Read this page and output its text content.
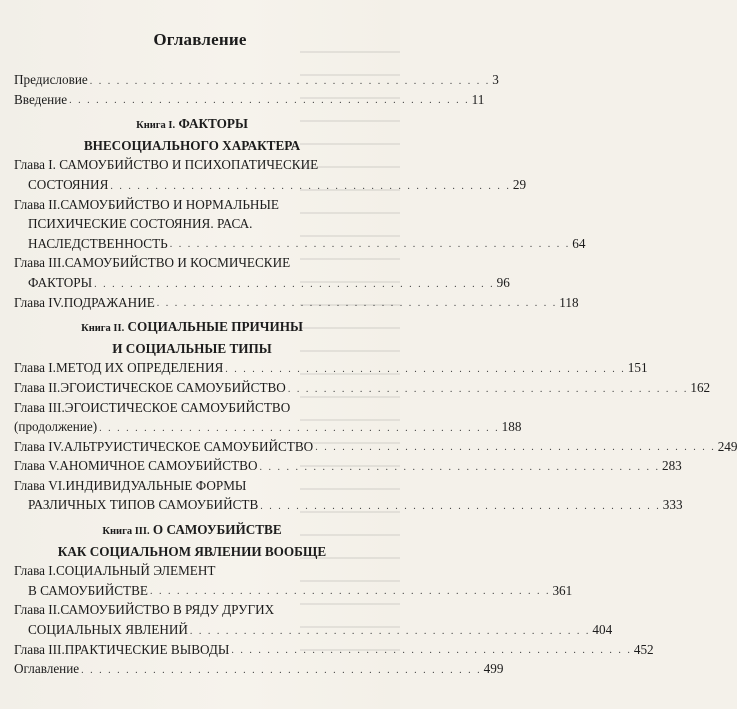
Оглавление
Предисловие . . . . . . . . . . . . . . . . . . . . . . . . . . . . . . . . . . . . . . . . . . . . . 3
Введение . . . . . . . . . . . . . . . . . . . . . . . . . . . . . . . . . . . . . . . . . . . . . 11
Книга I. ФАКТОРЫ
ВНЕСОЦИАЛЬНОГО ХАРАКТЕРА
Глава I. САМОУБИЙСТВО И ПСИХОПАТИЧЕСКИЕ
СОСТОЯНИЯ . . . . . . . . . . . . . . . . . . . . . . . . . . . . . . . . . . . . . . . . . . . . . 29
Глава II.САМОУБИЙСТВО И НОРМАЛЬНЫЕ
ПСИХИЧЕСКИЕ СОСТОЯНИЯ. РАСА.
НАСЛЕДСТВЕННОСТЬ . . . . . . . . . . . . . . . . . . . . . . . . . . . . . . . . . . . . . . . . . . . . . 64
Глава III.САМОУБИЙСТВО И КОСМИЧЕСКИЕ
ФАКТОРЫ . . . . . . . . . . . . . . . . . . . . . . . . . . . . . . . . . . . . . . . . . . . . . 96
Глава IV.ПОДРАЖАНИЕ . . . . . . . . . . . . . . . . . . . . . . . . . . . . . . . . . . . . . . . . . . . . . 118
Книга II. СОЦИАЛЬНЫЕ ПРИЧИНЫ
И СОЦИАЛЬНЫЕ ТИПЫ
Глава I.МЕТОД ИХ ОПРЕДЕЛЕНИЯ . . . . . . . . . . . . . . . . . . . . . . . . . . . . . . . . . . . . . . . . . . . . . 151
Глава II.ЭГОИСТИЧЕСКОЕ САМОУБИЙСТВО . . . . . . . . . . . . . . . . . . . . . . . . . . . . . . . . . . . . . . . . . . . . . 162
Глава III.ЭГОИСТИЧЕСКОЕ САМОУБИЙСТВО
(продолжение) . . . . . . . . . . . . . . . . . . . . . . . . . . . . . . . . . . . . . . . . . . . . . 188
Глава IV.АЛЬТРУИСТИЧЕСКОЕ САМОУБИЙСТВО . . . . . . . . . . . . . . . . . . . . . . . . . . . . . . . . . . . . . . . . . . . . . 249
Глава V.АНОМИЧНОЕ САМОУБИЙСТВО . . . . . . . . . . . . . . . . . . . . . . . . . . . . . . . . . . . . . . . . . . . . . 283
Глава VI.ИНДИВИДУАЛЬНЫЕ ФОРМЫ
РАЗЛИЧНЫХ ТИПОВ САМОУБИЙСТВ . . . . . . . . . . . . . . . . . . . . . . . . . . . . . . . . . . . . . . . . . . . . . 333
Книга III. О САМОУБИЙСТВЕ
КАК СОЦИАЛЬНОМ ЯВЛЕНИИ ВООБЩЕ
Глава I.СОЦИАЛЬНЫЙ ЭЛЕМЕНТ
В САМОУБИЙСТВЕ . . . . . . . . . . . . . . . . . . . . . . . . . . . . . . . . . . . . . . . . . . . . . 361
Глава II.САМОУБИЙСТВО В РЯДУ ДРУГИХ
СОЦИАЛЬНЫХ ЯВЛЕНИЙ . . . . . . . . . . . . . . . . . . . . . . . . . . . . . . . . . . . . . . . . . . . . . 404
Глава III.ПРАКТИЧЕСКИЕ ВЫВОДЫ . . . . . . . . . . . . . . . . . . . . . . . . . . . . . . . . . . . . . . . . . . . . . 452
Оглавление . . . . . . . . . . . . . . . . . . . . . . . . . . . . . . . . . . . . . . . . . . . . . 499
